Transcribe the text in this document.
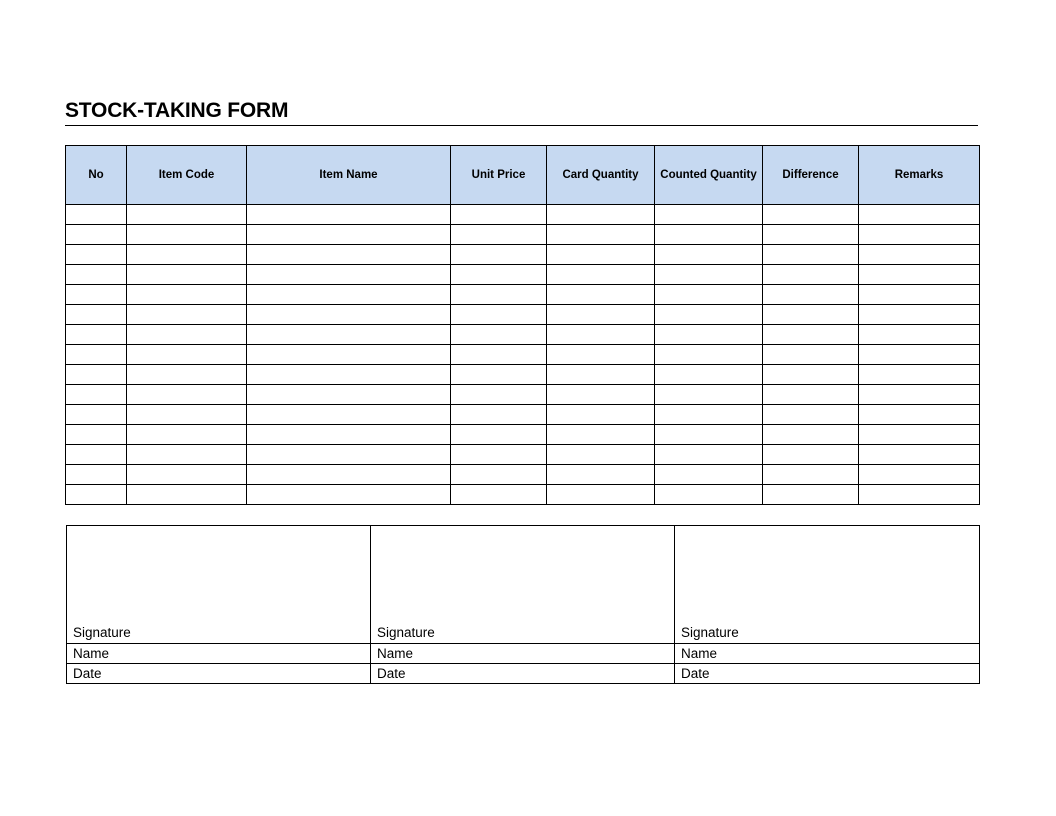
STOCK-TAKING FORM
No	Item Code	Item Name	Unit Price	Card Quantity	Counted Quantity	Difference	Remarks

Signature	Signature	Signature
Name	Name	Name
Date	Date	Date
